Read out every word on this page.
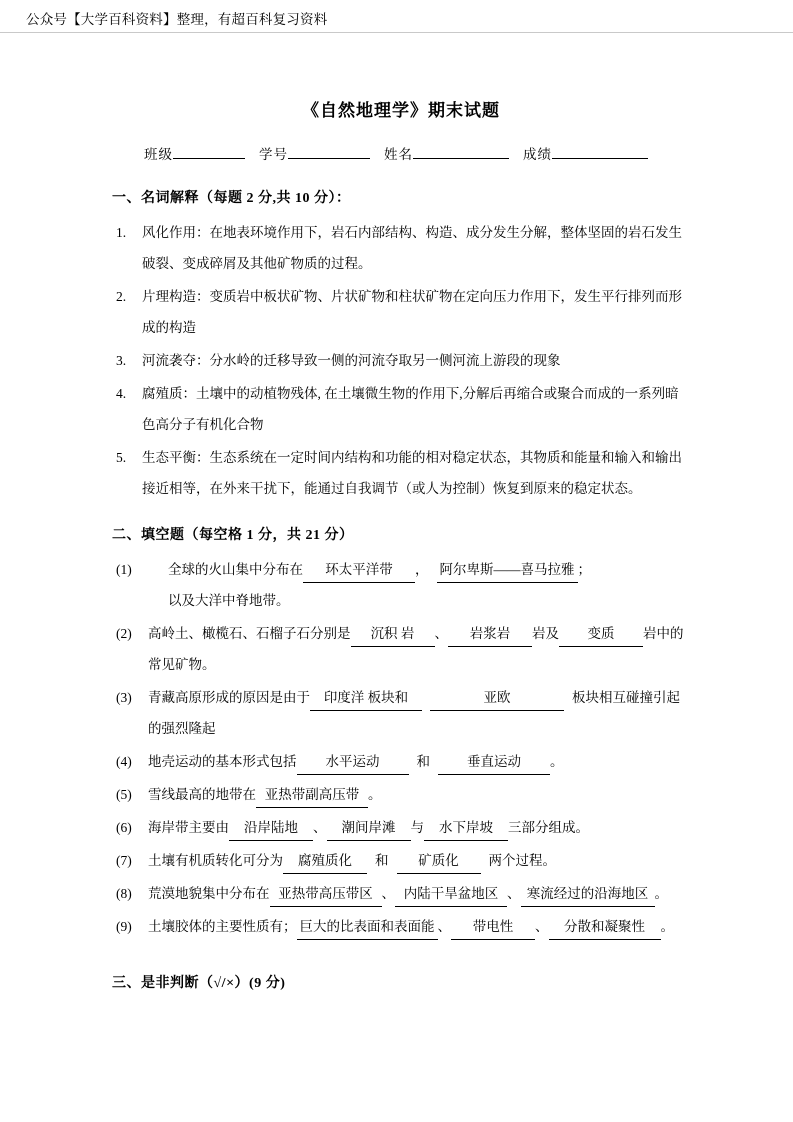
公众号【大学百科资料】整理，有超百科复习资料
《自然地理学》期末试题
班级	学号	姓名	成绩
一、名词解释（每题 2 分,共 10 分）：
1.	风化作用：在地表环境作用下，岩石内部结构、构造、成分发生分解，整体坚固的岩石发生破裂、变成碎屑及其他矿物质的过程。
2.	片理构造：变质岩中板状矿物、片状矿物和柱状矿物在定向压力作用下，发生平行排列而形成的构造
3.	河流袭夺：分水岭的迁移导致一侧的河流夺取另一侧河流上游段的现象
4.	腐殖质：土壤中的动植物残体, 在土壤微生物的作用下,分解后再缩合或聚合而成的一系列暗色高分子有机化合物
5.	生态平衡：生态系统在一定时间内结构和功能的相对稳定状态，其物质和能量和输入和输出接近相等，在外来干扰下，能通过自我调节（或人为控制）恢复到原来的稳定状态。
二、填空题（每空格 1 分，共 21 分）
(1)	全球的火山集中分布在 环太平洋带 ， 阿尔卑斯——喜马拉雅 ；
以及大洋中脊地带。
(2)	高岭土、橄榄石、石榴子石分别是 沉积 岩 、 岩浆岩 岩及 变质 岩中的常见矿物。
(3)	青藏高原形成的原因是由于 印度洋 板块和	亚欧	板块相互碰撞引起的强烈隆起
(4)	地壳运动的基本形式包括 水平运动	和	垂直运动 。
(5)	雪线最高的地带在 亚热带副高压带 。
(6)	海岸带主要由 沿岸陆地 、 潮间岸滩 与 水下岸坡 三部分组成。
(7)	土壤有机质转化可分为 腐殖质化 和 矿质化 两个过程。
(8)	荒漠地貌集中分布在 亚热带高压带区 、 内陆干旱盆地区 、 寒流经过的沿海地区 。
(9)	土壤胶体的主要性质有； 巨大的比表面和表面能 、 带电性 、 分散和凝聚性 。
三、是非判断（√/×）(9 分)
